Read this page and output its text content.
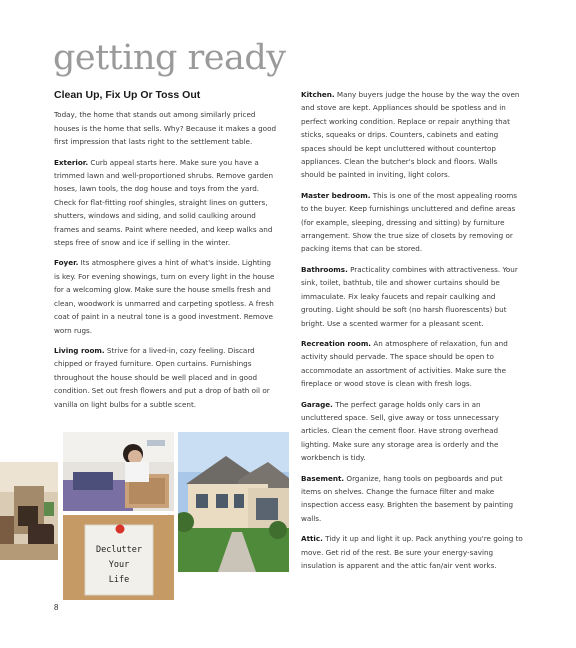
getting ready
Clean Up, Fix Up Or Toss Out

Today, the home that stands out among similarly priced houses is the home that sells. Why? Because it makes a good first impression that lasts right to the settlement table.

Exterior. Curb appeal starts here. Make sure you have a trimmed lawn and well-proportioned shrubs. Remove garden hoses, lawn tools, the dog house and toys from the yard. Check for flat-fitting roof shingles, straight lines on gutters, shutters, windows and siding, and solid caulking around frames and seams. Paint where needed, and keep walks and steps free of snow and ice if selling in the winter.

Foyer. Its atmosphere gives a hint of what's inside. Lighting is key. For evening showings, turn on every light in the house for a welcoming glow. Make sure the house smells fresh and clean, woodwork is unmarred and carpeting spotless. A fresh coat of paint in a neutral tone is a good investment. Remove worn rugs.

Living room. Strive for a lived-in, cozy feeling. Discard chipped or frayed furniture. Open curtains. Furnishings throughout the house should be well placed and in good condition. Set out fresh flowers and put a drop of bath oil or vanilla on light bulbs for a subtle scent.

Kitchen. Many buyers judge the house by the way the oven and stove are kept. Appliances should be spotless and in perfect working condition. Replace or repair anything that sticks, squeaks or drips. Counters, cabinets and eating spaces should be kept uncluttered without countertop appliances. Clean the butcher's block and floors. Walls should be painted in inviting, light colors.

Master bedroom. This is one of the most appealing rooms to the buyer. Keep furnishings uncluttered and define areas (for example, sleeping, dressing and sitting) by furniture arrangement. Show the true size of closets by removing or packing items that can be stored.

Bathrooms. Practicality combines with attractiveness. Your sink, toilet, bathtub, tile and shower curtains should be immaculate. Fix leaky faucets and repair caulking and grouting. Light should be soft (no harsh fluorescents) but bright. Use a scented warmer for a pleasant scent.

Recreation room. An atmosphere of relaxation, fun and activity should pervade. The space should be open to accommodate an assortment of activities. Make sure the fireplace or wood stove is clean with fresh logs.

Garage. The perfect garage holds only cars in an uncluttered space. Sell, give away or toss unnecessary articles. Clean the cement floor. Have strong overhead lighting. Make sure any storage area is orderly and the workbench is tidy.

Basement. Organize, hang tools on pegboards and put items on shelves. Change the furnace filter and make inspection access easy. Brighten the basement by painting walls.

Attic. Tidy it up and light it up. Pack anything you're going to move. Get rid of the rest. Be sure your energy-saving insulation is apparent and the attic fan/air vent works.

Declutter
Your
Life
8
